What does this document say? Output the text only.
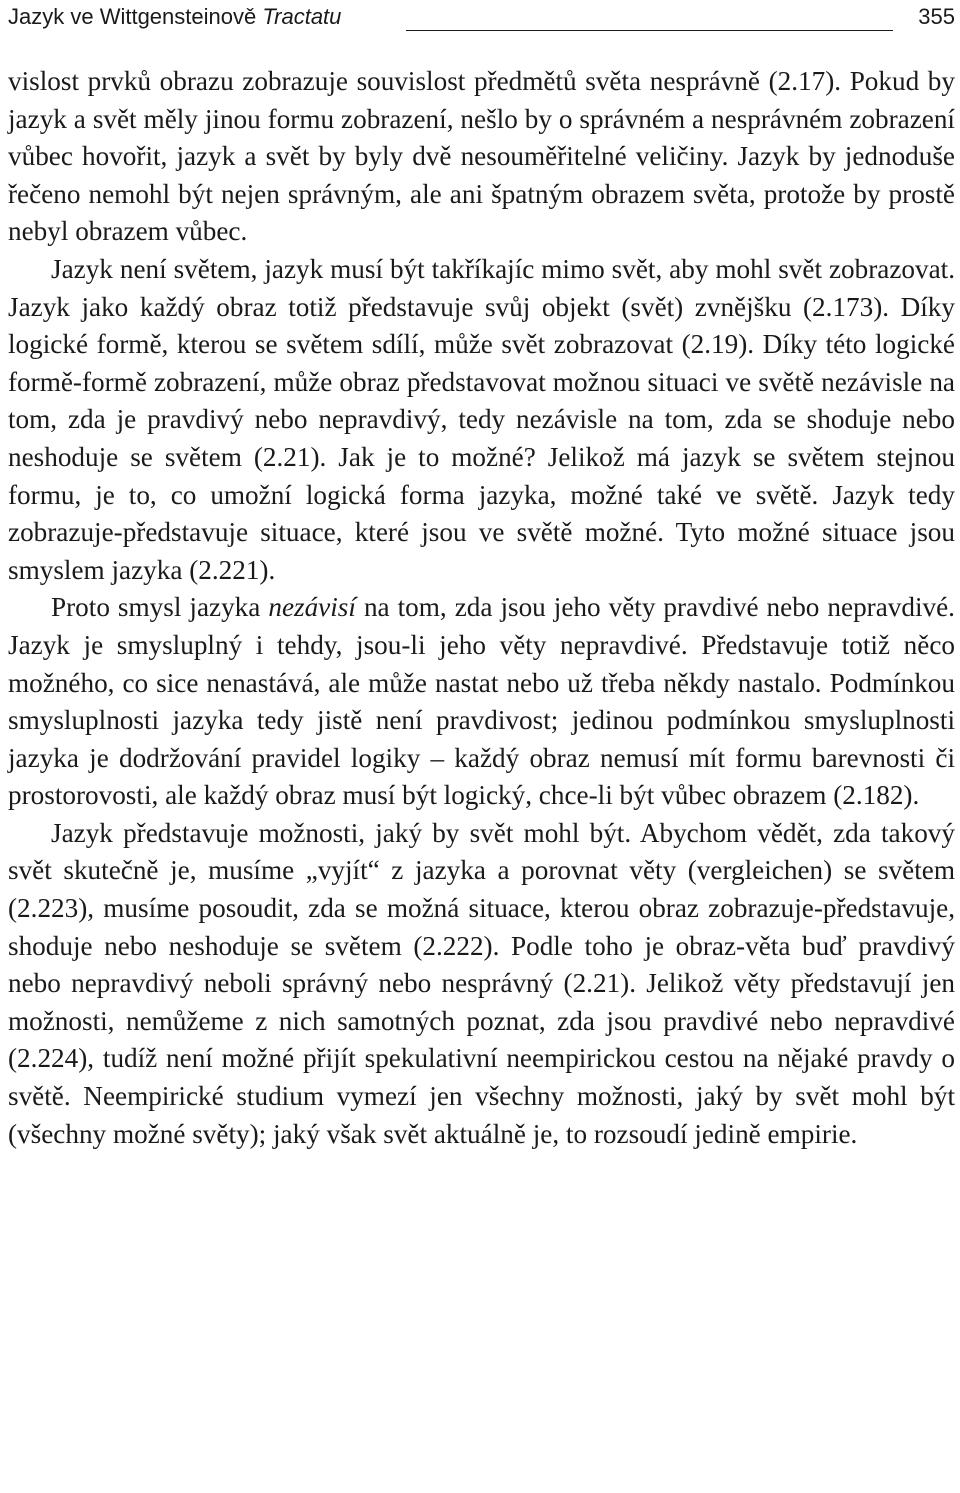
Jazyk ve Wittgensteinově Tractatu	355

vislost prvků obrazu zobrazuje souvislost předmětů světa nesprávně (2.17). Pokud by jazyk a svět měly jinou formu zobrazení, nešlo by o správném a nesprávném zobrazení vůbec hovořit, jazyk a svět by byly dvě nesouměřitelné veličiny. Jazyk by jednoduše řečeno nemohl být nejen správným, ale ani špatným obrazem světa, protože by prostě nebyl obrazem vůbec.

Jazyk není světem, jazyk musí být takříkajíc mimo svět, aby mohl svět zobrazovat. Jazyk jako každý obraz totiž představuje svůj objekt (svět) zvnějšku (2.173). Díky logické formě, kterou se světem sdílí, může svět zobrazovat (2.19). Díky této logické formě-formě zobrazení, může obraz představovat možnou situaci ve světě nezávisle na tom, zda je pravdivý nebo nepravdivý, tedy nezávisle na tom, zda se shoduje nebo neshoduje se světem (2.21). Jak je to možné? Jelikož má jazyk se světem stejnou formu, je to, co umožní logická forma jazyka, možné také ve světě. Jazyk tedy zobrazuje-představuje situace, které jsou ve světě možné. Tyto možné situace jsou smyslem jazyka (2.221).

Proto smysl jazyka nezávisí na tom, zda jsou jeho věty pravdivé nebo nepravdivé. Jazyk je smysluplný i tehdy, jsou-li jeho věty nepravdivé. Představuje totiž něco možného, co sice nenastává, ale může nastat nebo už třeba někdy nastalo. Podmínkou smysluplnosti jazyka tedy jistě není pravdivost; jedinou podmínkou smysluplnosti jazyka je dodržování pravidel logiky – každý obraz nemusí mít formu barevnosti či prostorovosti, ale každý obraz musí být logický, chce-li být vůbec obrazem (2.182).

Jazyk představuje možnosti, jaký by svět mohl být. Abychom vědět, zda takový svět skutečně je, musíme „vyjít“ z jazyka a porovnat věty (vergleichen) se světem (2.223), musíme posoudit, zda se možná situace, kterou obraz zobrazuje-představuje, shoduje nebo neshoduje se světem (2.222). Podle toho je obraz-věta buď pravdivý nebo nepravdivý neboli správný nebo nesprávný (2.21). Jelikož věty představují jen možnosti, nemůžeme z nich samotných poznat, zda jsou pravdivé nebo nepravdivé (2.224), tudíž není možné přijít spekulativní neempirickou cestou na nějaké pravdy o světě. Neempirické studium vymezí jen všechny možnosti, jaký by svět mohl být (všechny možné světy); jaký však svět aktuálně je, to rozsoudí jedině empirie.
